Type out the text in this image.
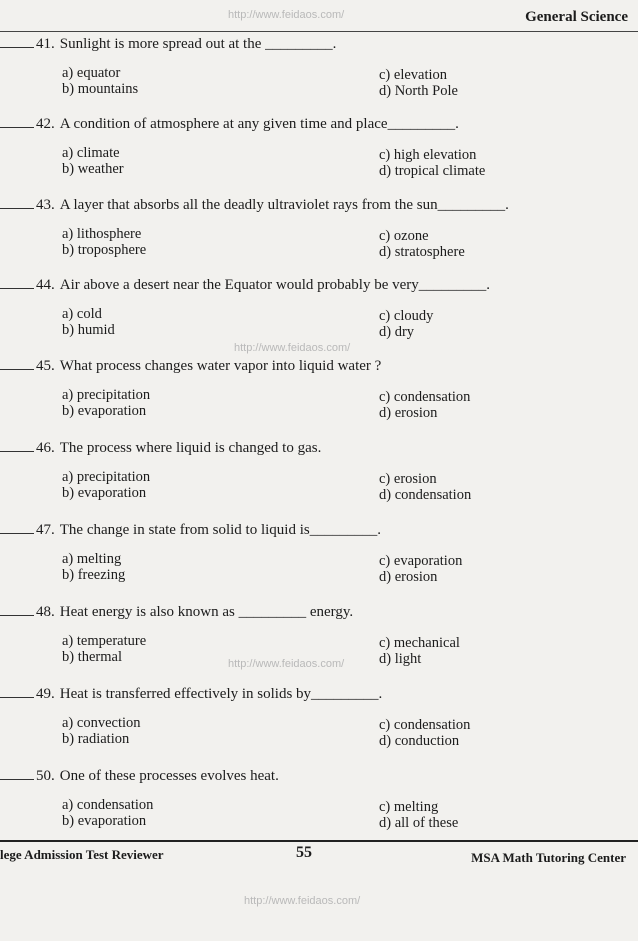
General Science
http://www.feidaos.com/
http://www.feidaos.com/
http://www.feidaos.com/
http://www.feidaos.com/
41. Sunlight is more spread out at the _________.
a) equator
b) mountains
c) elevation
d) North Pole
42. A condition of atmosphere at any given time and place_________.
a) climate
b) weather
c) high elevation
d) tropical climate
43. A layer that absorbs all the deadly ultraviolet rays from the sun_________.
a) lithosphere
b) troposphere
c) ozone
d) stratosphere
44. Air above a desert near the Equator would probably be very_________.
a) cold
b) humid
c) cloudy
d) dry
45. What process changes water vapor into liquid water ?
a) precipitation
b) evaporation
c) condensation
d) erosion
46. The process where liquid is changed to gas.
a) precipitation
b) evaporation
c) erosion
d) condensation
47. The change in state from solid to liquid is_________.
a) melting
b) freezing
c) evaporation
d) erosion
48. Heat energy is also known as _________ energy.
a) temperature
b) thermal
c) mechanical
d) light
49. Heat is transferred effectively in solids by_________.
a) convection
b) radiation
c) condensation
d) conduction
50. One of these processes evolves heat.
a) condensation
b) evaporation
c) melting
d) all of these
lege Admission Test Reviewer	55	MSA Math Tutoring Center
